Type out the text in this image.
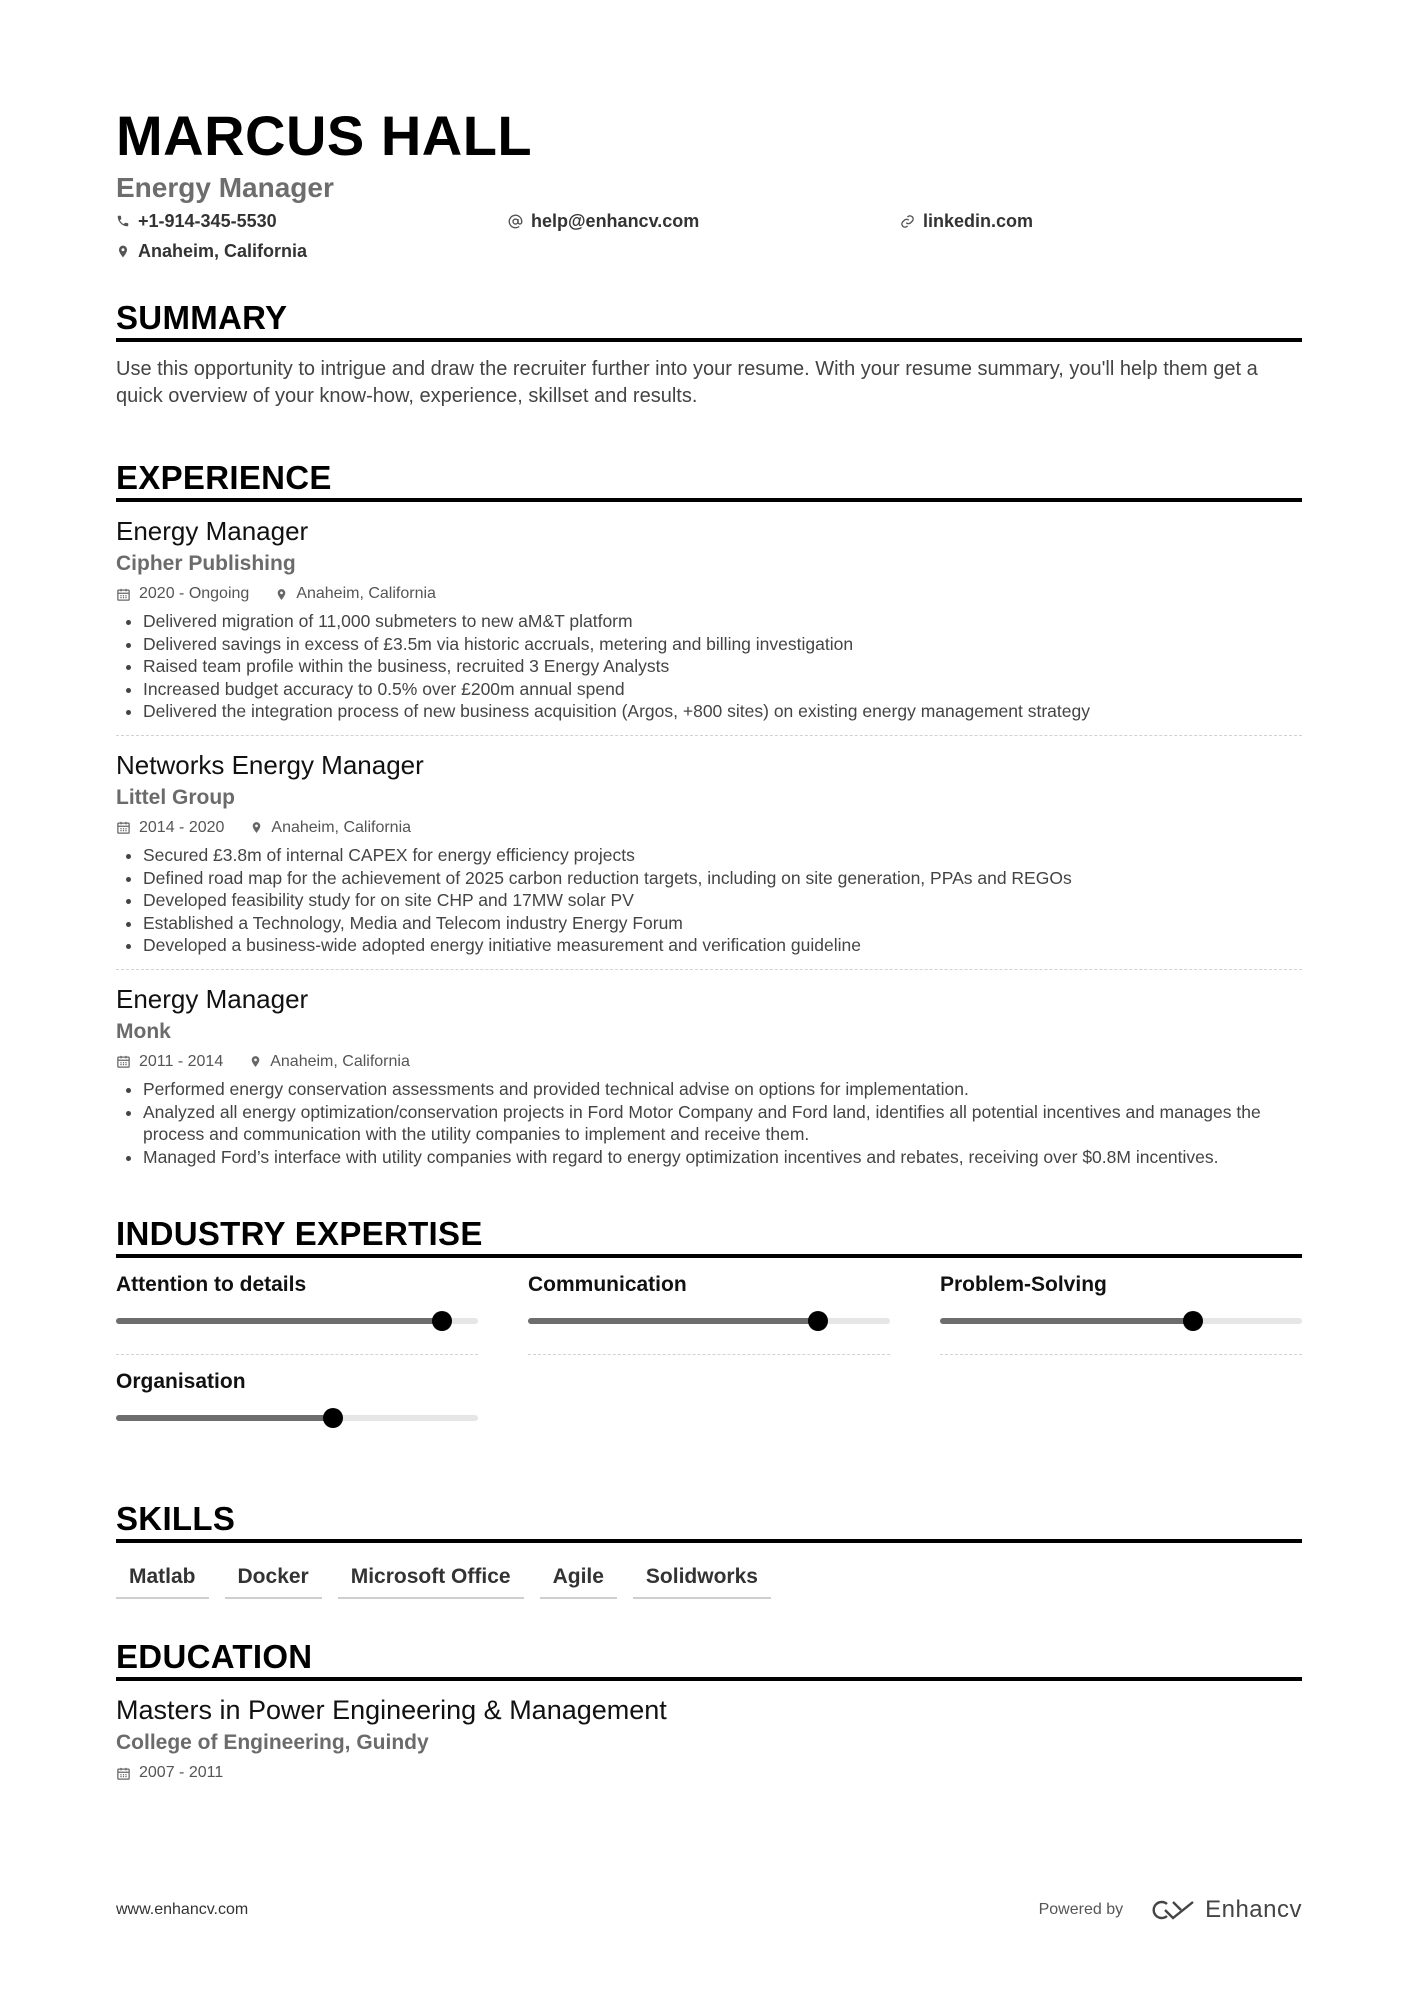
MARCUS HALL
Energy Manager
+1-914-345-5530	help@enhancv.com	linkedin.com
Anaheim, California
SUMMARY
Use this opportunity to intrigue and draw the recruiter further into your resume. With your resume summary, you'll help them get a quick overview of your know-how, experience, skillset and results.
EXPERIENCE
Energy Manager
Cipher Publishing
2020 - Ongoing	Anaheim, California
• Delivered migration of 11,000 submeters to new aM&T platform
• Delivered savings in excess of £3.5m via historic accruals, metering and billing investigation
• Raised team profile within the business, recruited 3 Energy Analysts
• Increased budget accuracy to 0.5% over £200m annual spend
• Delivered the integration process of new business acquisition (Argos, +800 sites) on existing energy management strategy
Networks Energy Manager
Littel Group
2014 - 2020	Anaheim, California
• Secured £3.8m of internal CAPEX for energy efficiency projects
• Defined road map for the achievement of 2025 carbon reduction targets, including on site generation, PPAs and REGOs
• Developed feasibility study for on site CHP and 17MW solar PV
• Established a Technology, Media and Telecom industry Energy Forum
• Developed a business-wide adopted energy initiative measurement and verification guideline
Energy Manager
Monk
2011 - 2014	Anaheim, California
• Performed energy conservation assessments and provided technical advise on options for implementation.
• Analyzed all energy optimization/conservation projects in Ford Motor Company and Ford land, identifies all potential incentives and manages the process and communication with the utility companies to implement and receive them.
• Managed Ford’s interface with utility companies with regard to energy optimization incentives and rebates, receiving over $0.8M incentives.
INDUSTRY EXPERTISE
Attention to details	Communication	Problem-Solving
Organisation
SKILLS
Matlab	Docker	Microsoft Office	Agile	Solidworks
EDUCATION
Masters in Power Engineering & Management
College of Engineering, Guindy
2007 - 2011
www.enhancv.com	Powered by	Enhancv
